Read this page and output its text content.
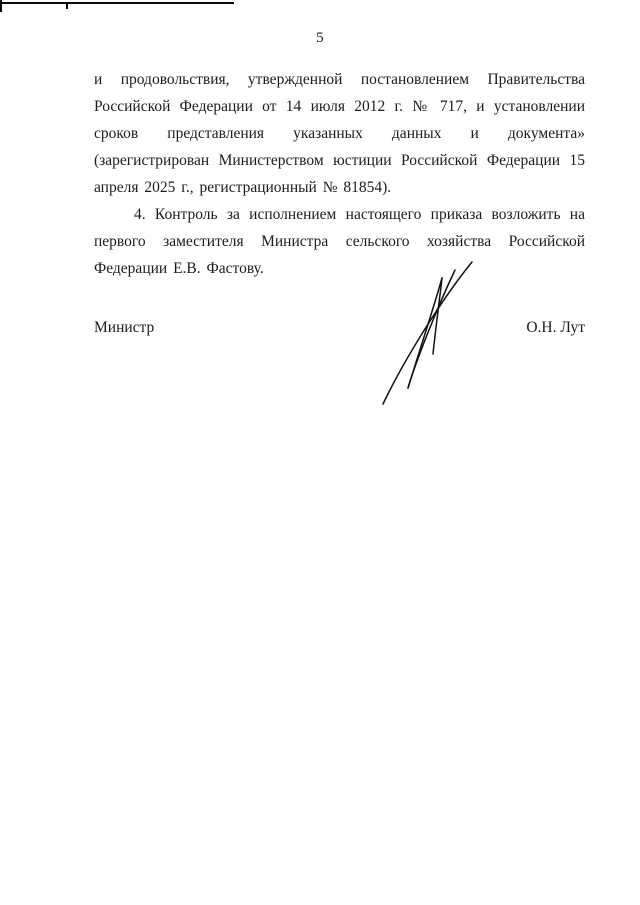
5

и продовольствия, утвержденной постановлением Правительства Российской Федерации от 14 июля 2012 г. № 717, и установлении сроков представления указанных данных и документа» (зарегистрирован Министерством юстиции Российской Федерации 15 апреля 2025 г., регистрационный № 81854).

4. Контроль за исполнением настоящего приказа возложить на первого заместителя Министра сельского хозяйства Российской Федерации Е.В. Фастову.

Министр	О.Н. Лут
